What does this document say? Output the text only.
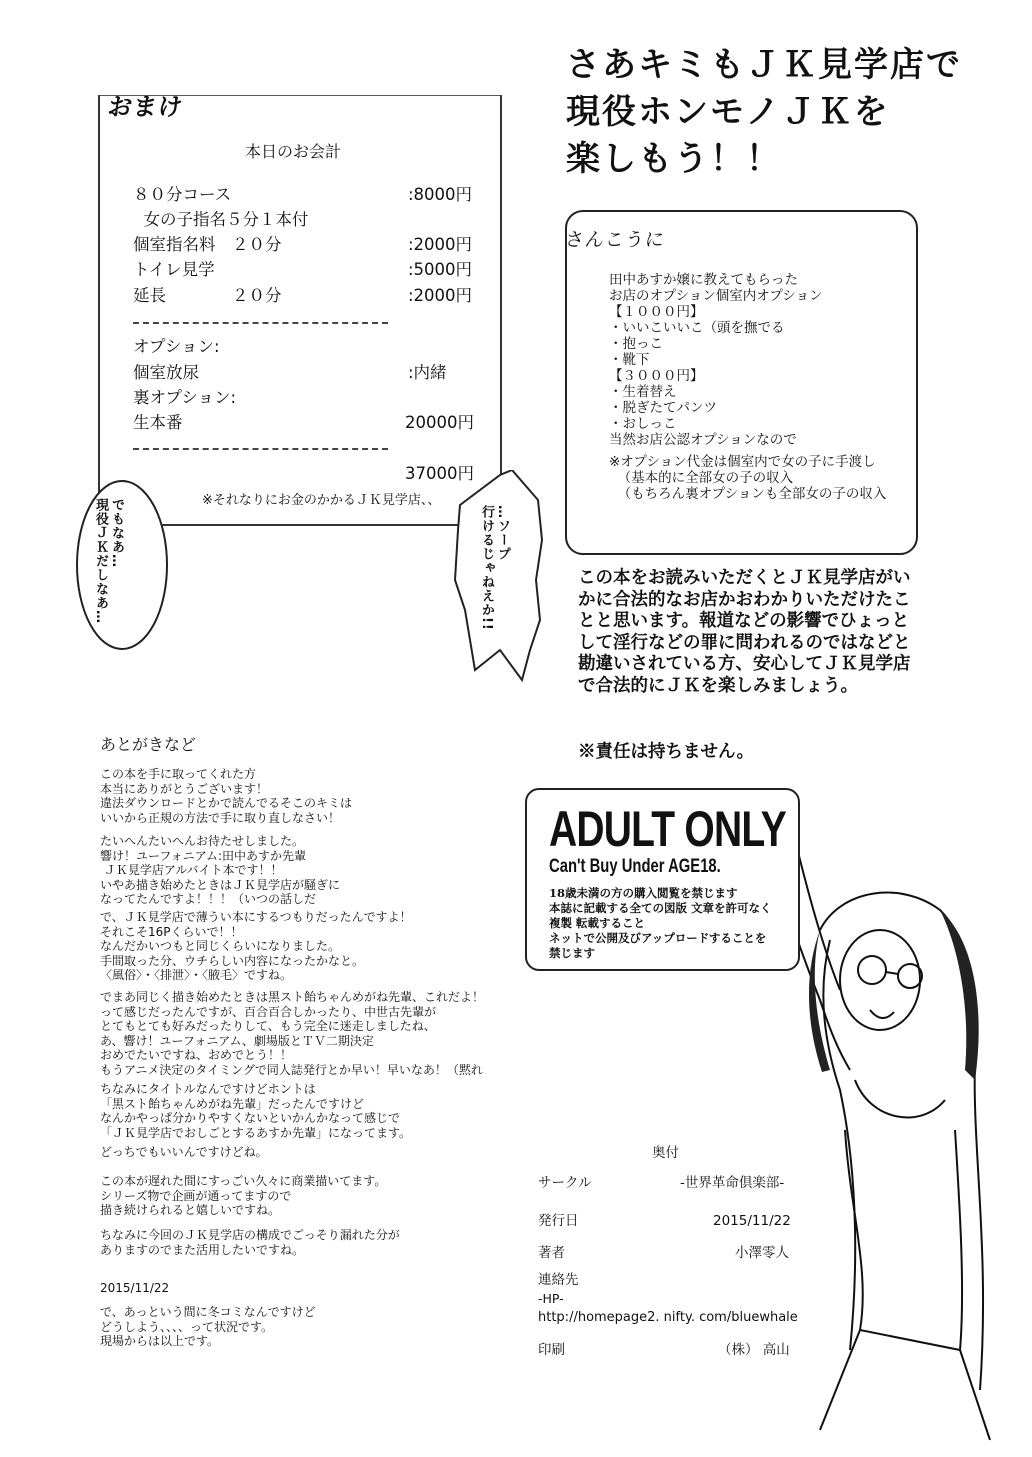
おまけ
本日のお会計
８０分コース	:8000円
女の子指名５分１本付
個室指名料　２０分	:2000円
トイレ見学	:5000円
延長　　　　２０分	:2000円
オプション:
個室放尿	:内緒
裏オプション:
生本番	20000円
37000円
※それなりにお金のかかるＪＫ見学店、、
でもなあ…
現役ＪＫだしなあ…	…ソープ
行けるじゃねえか!!
さあキミもＪＫ見学店で
現役ホンモノＪＫを
楽しもう！！
さんこうに
田中あすか嬢に教えてもらった
お店のオプション個室内オプション
【１０００円】
・いいこいいこ（頭を撫でる
・抱っこ
・靴下
【３０００円】
・生着替え
・脱ぎたてパンツ
・おしっこ
当然お店公認オプションなので
※オプション代金は個室内で女の子に手渡し
（基本的に全部女の子の収入
（もちろん裏オプションも全部女の子の収入
この本をお読みいただくとＪＫ見学店がいかに合法的なお店かおわかりいただけたことと思います。報道などの影響でひょっとして淫行などの罪に問われるのではなどと勘違いされている方、安心してＪＫ見学店で合法的にＪＫを楽しみましょう。
※責任は持ちません。
あとがきなど
この本を手に取ってくれた方
本当にありがとうございます！
違法ダウンロードとかで読んでるそこのキミは
いいから正規の方法で手に取り直しなさい！
たいへんたいへんお待たせしました。
響け！ユーフォニアム:田中あすか先輩
ＪＫ見学店アルバイト本です！！
いやあ描き始めたときはＪＫ見学店が騒ぎに
なってたんですよ！！！（いつの話しだ
で、ＪＫ見学店で薄うい本にするつもりだったんですよ！
それこそ16Pくらいで！！
なんだかいつもと同じくらいになりました。
手間取った分、ウチらしい内容になったかなと。
〈風俗〉・〈排泄〉・〈腋毛〉ですね。
でまあ同じく描き始めたときは黒スト飴ちゃんめがね先輩、これだよ！
って感じだったんですが、百合百合しかったり、中世古先輩が
とてもとても好みだったりして、もう完全に迷走しましたね、
あ、響け！ユーフォニアム、劇場版とＴＶ二期決定
おめでたいですね、おめでとう！！
もうアニメ決定のタイミングで同人誌発行とか早い！早いなあ！（黙れ
ちなみにタイトルなんですけどホントは
「黒スト飴ちゃんめがね先輩」だったんですけど
なんかやっぱ分かりやすくないといかんかなって感じで
「ＪＫ見学店でおしごとするあすか先輩」になってます。
どっちでもいいんですけどね。
この本が遅れた間にすっごい久々に商業描いてます。
シリーズ物で企画が通ってますので
描き続けられると嬉しいですね。
ちなみに今回のＪＫ見学店の構成でごっそり漏れた分が
ありますのでまた活用したいですね。
2015/11/22
で、あっという間に冬コミなんですけど
どうしよう、、、、って状況です。
現場からは以上です。
ADULT ONLY
Can't Buy Under AGE18.
18歳未満の方の購入閲覧を禁じます
本誌に記載する全ての図版 文章を許可なく
複製 転載すること
ネットで公開及びアップロードすることを
禁じます
奥付
サークル	-世界革命倶楽部-
発行日	2015/11/22
著者	小澤零人
連絡先
-HP-
http://homepage2. nifty. com/bluewhale
印刷	（株） 高山
